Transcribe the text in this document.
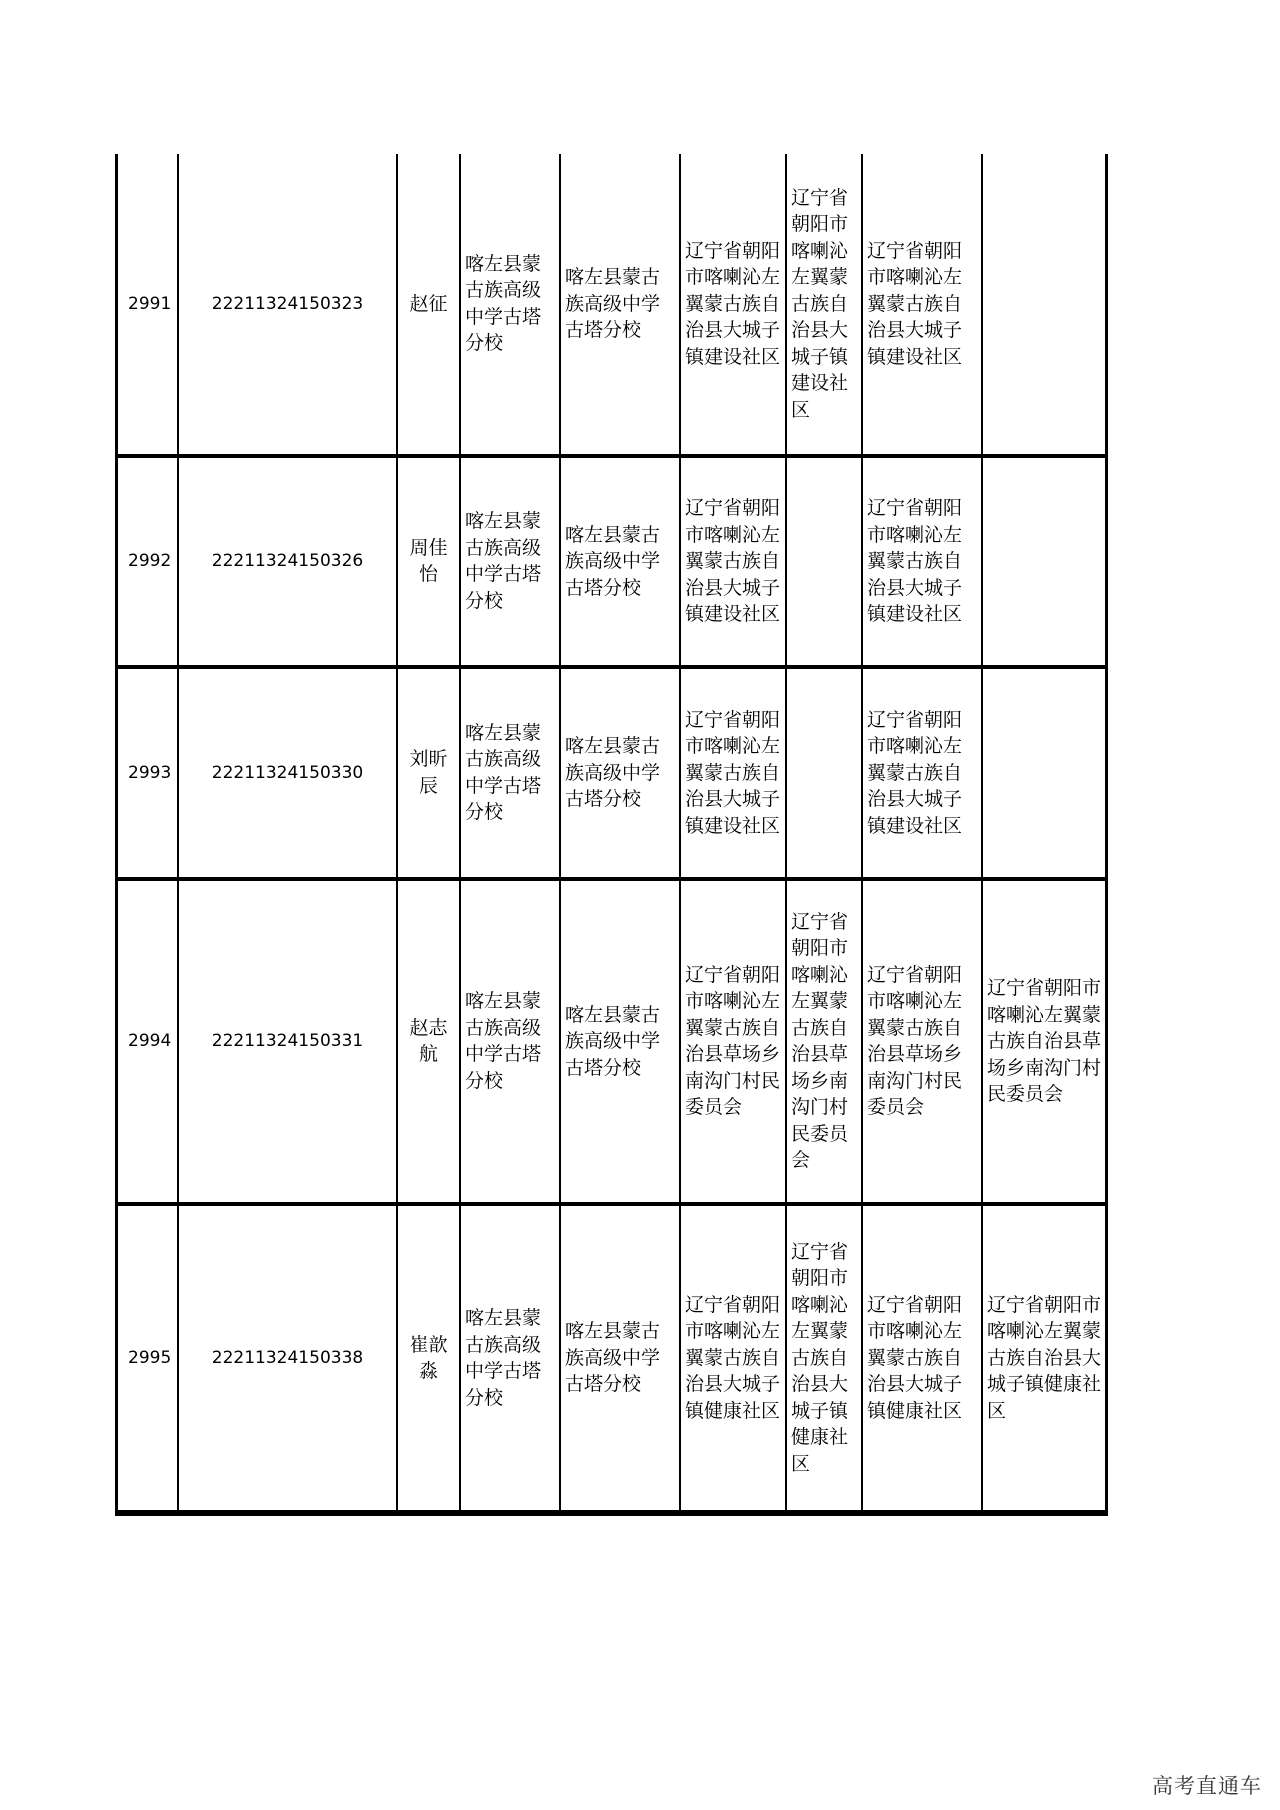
2991	22211324150323	赵征	喀左县蒙古族高级中学古塔分校	喀左县蒙古族高级中学古塔分校	辽宁省朝阳市喀喇沁左翼蒙古族自治县大城子镇建设社区	辽宁省朝阳市喀喇沁左翼蒙古族自治县大城子镇建设社区	辽宁省朝阳市喀喇沁左翼蒙古族自治县大城子镇建设社区	
2992	22211324150326	周佳怡	喀左县蒙古族高级中学古塔分校	喀左县蒙古族高级中学古塔分校	辽宁省朝阳市喀喇沁左翼蒙古族自治县大城子镇建设社区		辽宁省朝阳市喀喇沁左翼蒙古族自治县大城子镇建设社区	
2993	22211324150330	刘昕辰	喀左县蒙古族高级中学古塔分校	喀左县蒙古族高级中学古塔分校	辽宁省朝阳市喀喇沁左翼蒙古族自治县大城子镇建设社区		辽宁省朝阳市喀喇沁左翼蒙古族自治县大城子镇建设社区	
2994	22211324150331	赵志航	喀左县蒙古族高级中学古塔分校	喀左县蒙古族高级中学古塔分校	辽宁省朝阳市喀喇沁左翼蒙古族自治县草场乡南沟门村民委员会	辽宁省朝阳市喀喇沁左翼蒙古族自治县草场乡南沟门村民委员会	辽宁省朝阳市喀喇沁左翼蒙古族自治县草场乡南沟门村民委员会	辽宁省朝阳市喀喇沁左翼蒙古族自治县草场乡南沟门村民委员会
2995	22211324150338	崔歆淼	喀左县蒙古族高级中学古塔分校	喀左县蒙古族高级中学古塔分校	辽宁省朝阳市喀喇沁左翼蒙古族自治县大城子镇健康社区	辽宁省朝阳市喀喇沁左翼蒙古族自治县大城子镇健康社区	辽宁省朝阳市喀喇沁左翼蒙古族自治县大城子镇健康社区	辽宁省朝阳市喀喇沁左翼蒙古族自治县大城子镇健康社区
高考直通车
